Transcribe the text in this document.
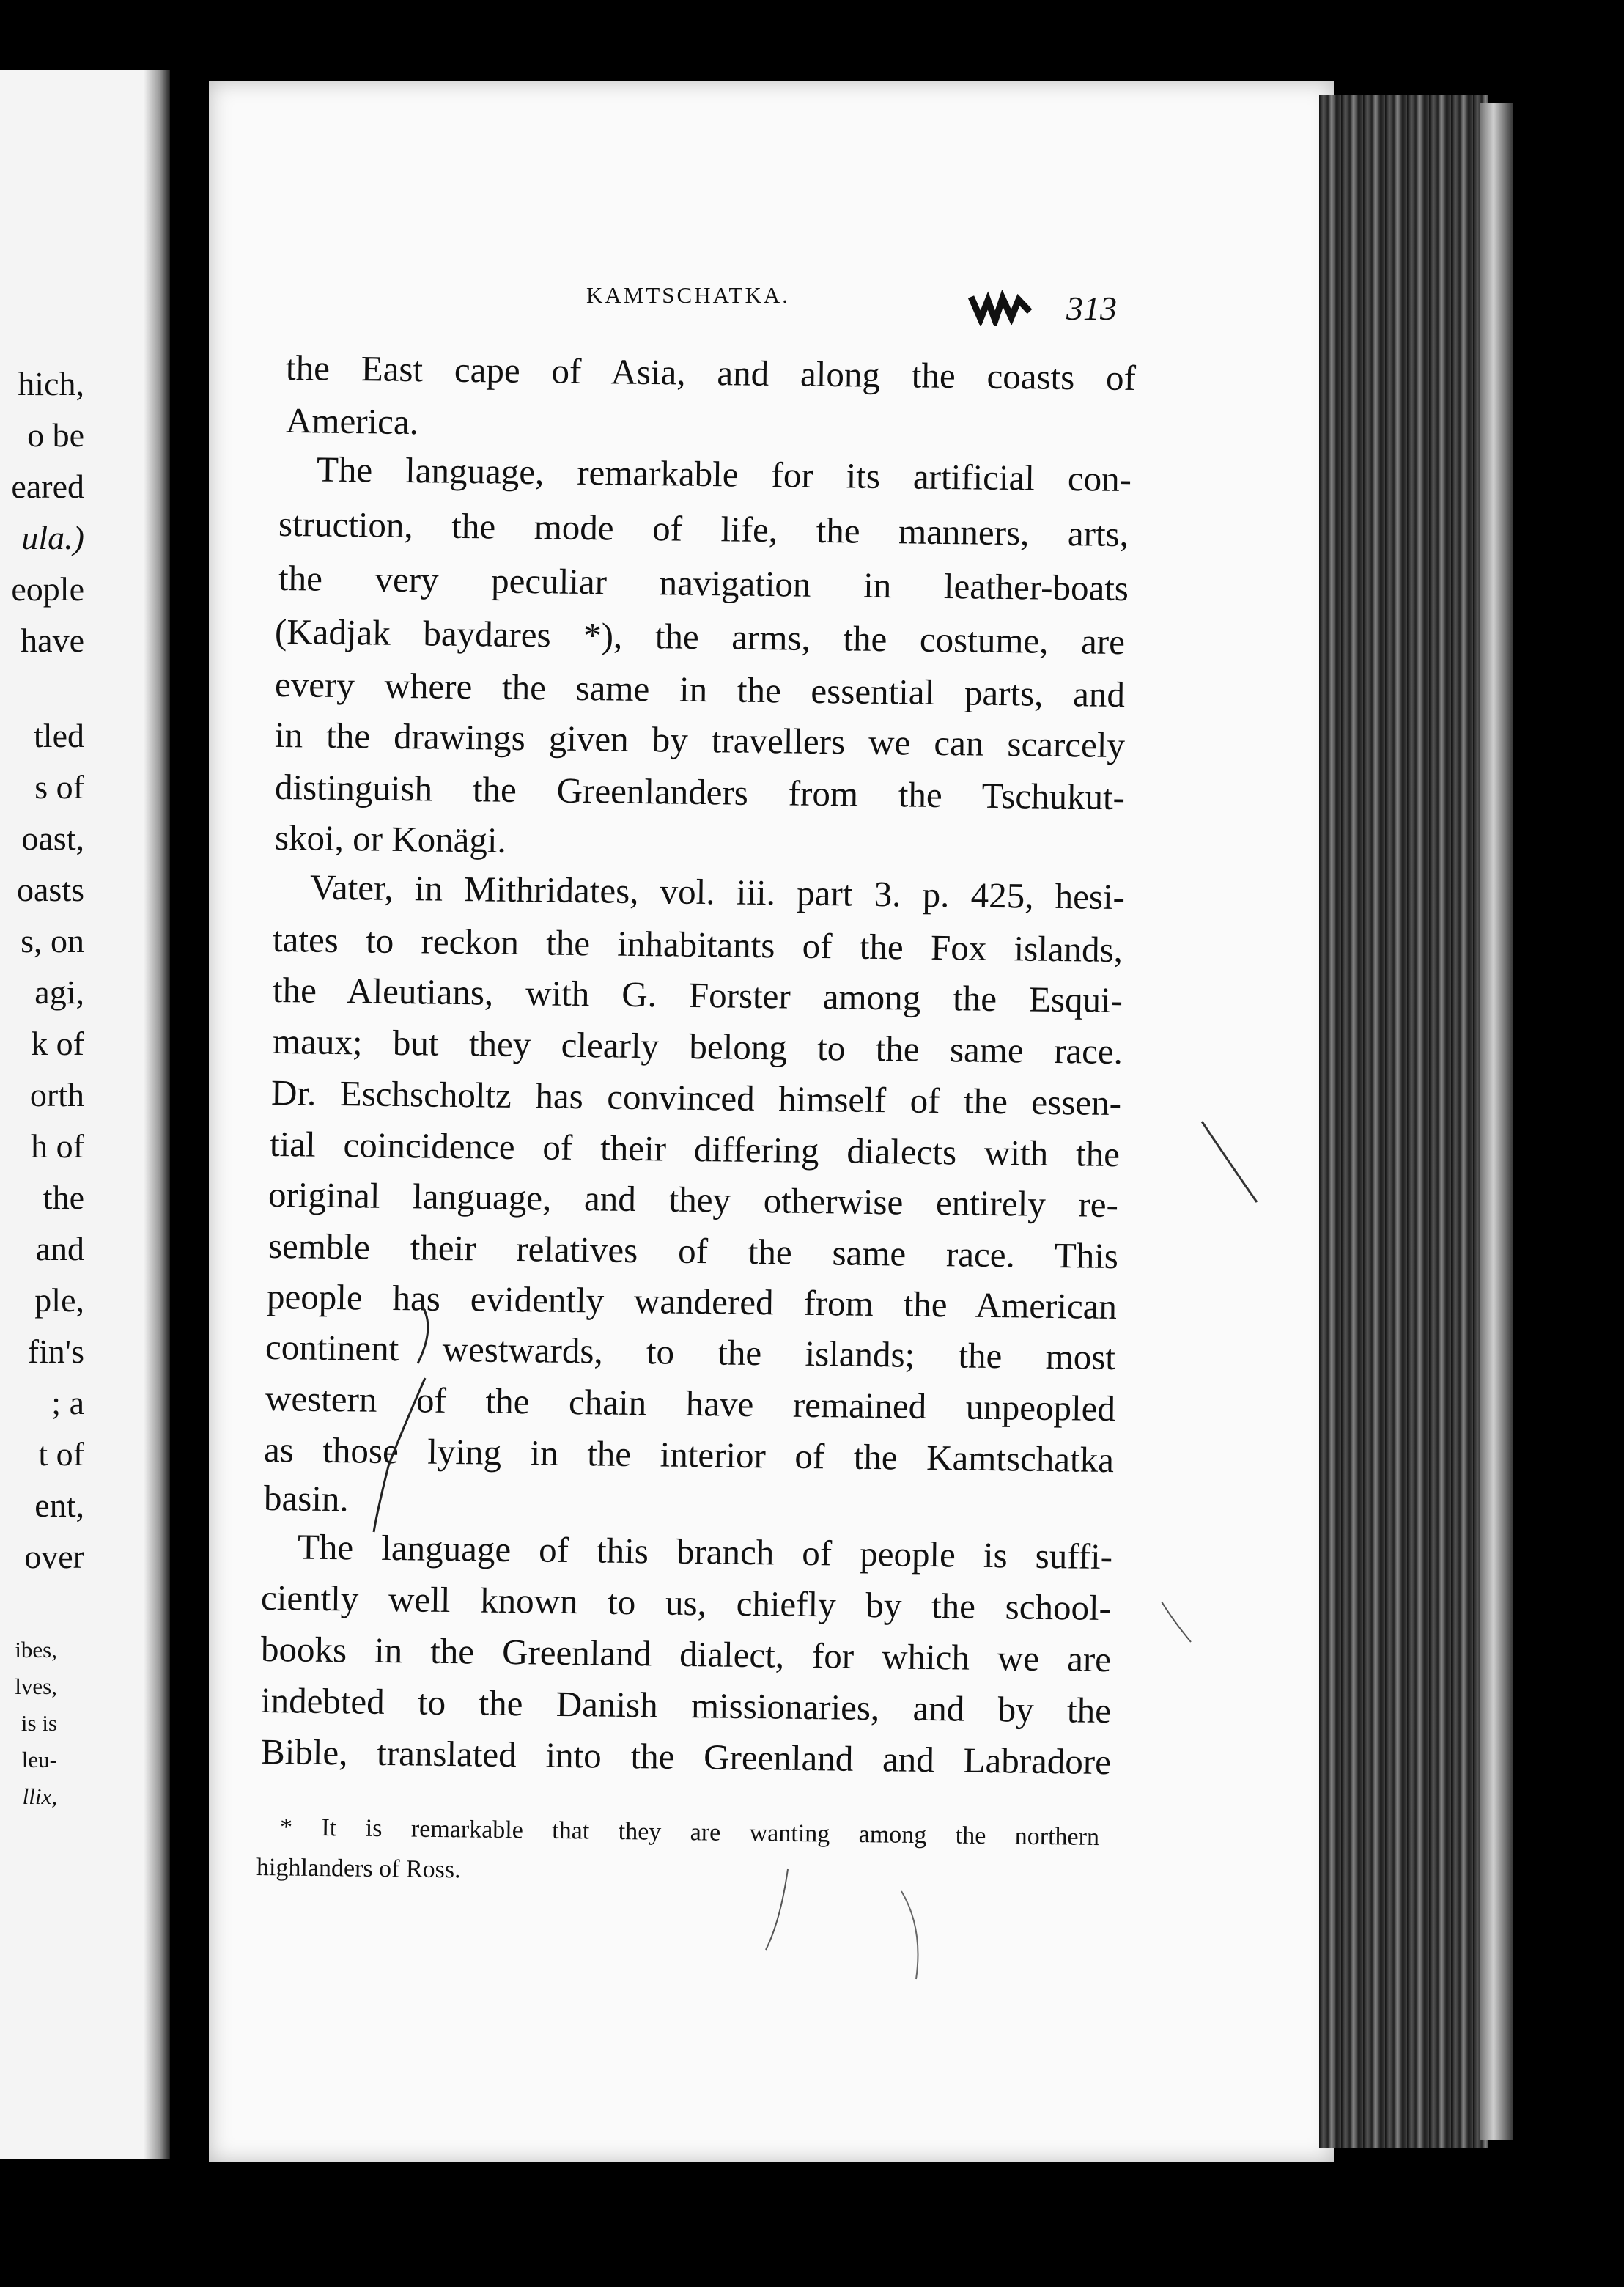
hich,
o be
eared
ula.)
eople
have
tled
s of
oast,
oasts
s, on
agi,
k of
orth
h of
the
and
ple,
fin's
; a
t of
ent,
over
ibes,
lves,
is is
leu-
llix,
KAMTSCHATKA.	313
the East cape of Asia, and along the coasts of
America.
The language, remarkable for its artificial con-
struction, the mode of life, the manners, arts,
the very peculiar navigation in leather-boats
(Kadjak baydares *), the arms, the costume, are
every where the same in the essential parts, and
in the drawings given by travellers we can scarcely
distinguish the Greenlanders from the Tschukut-
skoi, or Konägi.
Vater, in Mithridates, vol. iii. part 3. p. 425, hesi-
tates to reckon the inhabitants of the Fox islands,
the Aleutians, with G. Forster among the Esqui-
maux; but they clearly belong to the same race.
Dr. Eschscholtz has convinced himself of the essen-
tial coincidence of their differing dialects with the
original language, and they otherwise entirely re-
semble their relatives of the same race. This
people has evidently wandered from the American
continent westwards, to the islands; the most
western of the chain have remained unpeopled
as those lying in the interior of the Kamtschatka
basin.
The language of this branch of people is suffi-
ciently well known to us, chiefly by the school-
books in the Greenland dialect, for which we are
indebted to the Danish missionaries, and by the
Bible, translated into the Greenland and Labradore
* It is remarkable that they are wanting among the northern
highlanders of Ross.
